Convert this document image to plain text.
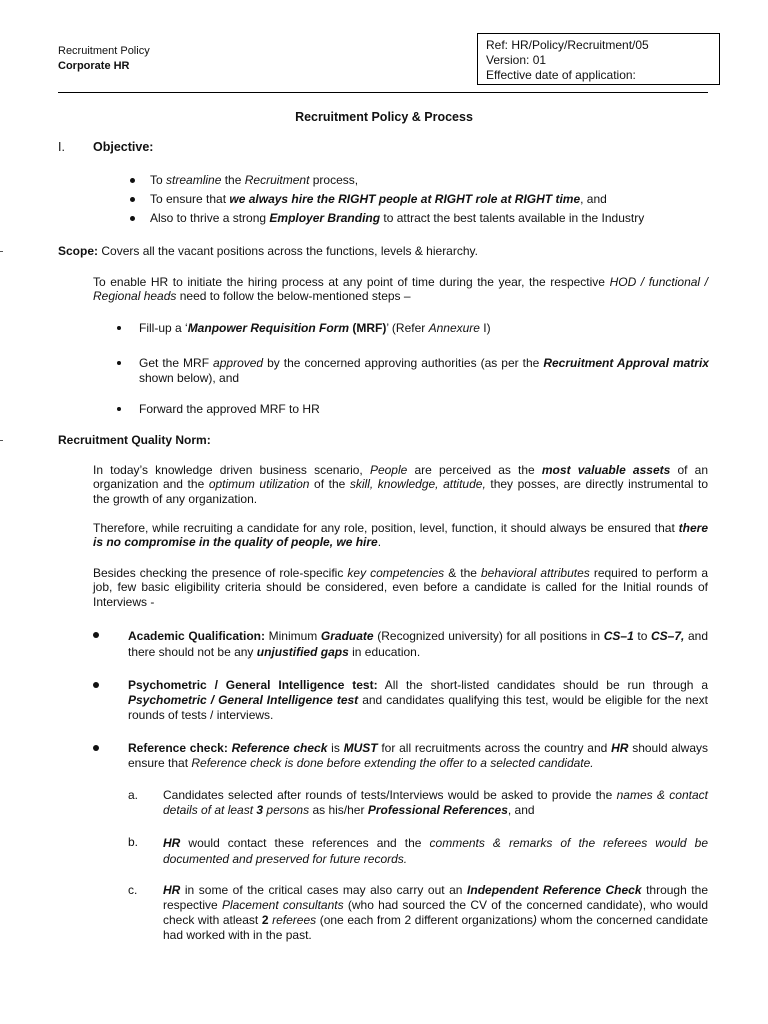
Recruitment Policy
Corporate HR
Ref: HR/Policy/Recruitment/05
Version: 01
Effective date of application:
Recruitment Policy & Process
I. Objective:
To streamline the Recruitment process,
To ensure that we always hire the RIGHT people at RIGHT role at RIGHT time, and
Also to thrive a strong Employer Branding to attract the best talents available in the Industry
Scope: Covers all the vacant positions across the functions, levels & hierarchy.
To enable HR to initiate the hiring process at any point of time during the year, the respective HOD / functional / Regional heads need to follow the below-mentioned steps –
Fill-up a ‘Manpower Requisition Form (MRF)’ (Refer Annexure I)
Get the MRF approved by the concerned approving authorities (as per the Recruitment Approval matrix shown below), and
Forward the approved MRF to HR
Recruitment Quality Norm:
In today’s knowledge driven business scenario, People are perceived as the most valuable assets of an organization and the optimum utilization of the skill, knowledge, attitude, they posses, are directly instrumental to the growth of any organization.
Therefore, while recruiting a candidate for any role, position, level, function, it should always be ensured that there is no compromise in the quality of people, we hire.
Besides checking the presence of role-specific key competencies & the behavioral attributes required to perform a job, few basic eligibility criteria should be considered, even before a candidate is called for the Initial rounds of Interviews -
Academic Qualification: Minimum Graduate (Recognized university) for all positions in CS–1 to CS–7, and there should not be any unjustified gaps in education.
Psychometric / General Intelligence test: All the short-listed candidates should be run through a Psychometric / General Intelligence test and candidates qualifying this test, would be eligible for the next rounds of tests / interviews.
Reference check: Reference check is MUST for all recruitments across the country and HR should always ensure that Reference check is done before extending the offer to a selected candidate.
a. Candidates selected after rounds of tests/Interviews would be asked to provide the names & contact details of at least 3 persons as his/her Professional References, and
b. HR would contact these references and the comments & remarks of the referees would be documented and preserved for future records.
c. HR in some of the critical cases may also carry out an Independent Reference Check through the respective Placement consultants (who had sourced the CV of the concerned candidate), who would check with atleast 2 referees (one each from 2 different organizations) whom the concerned candidate had worked with in the past.
